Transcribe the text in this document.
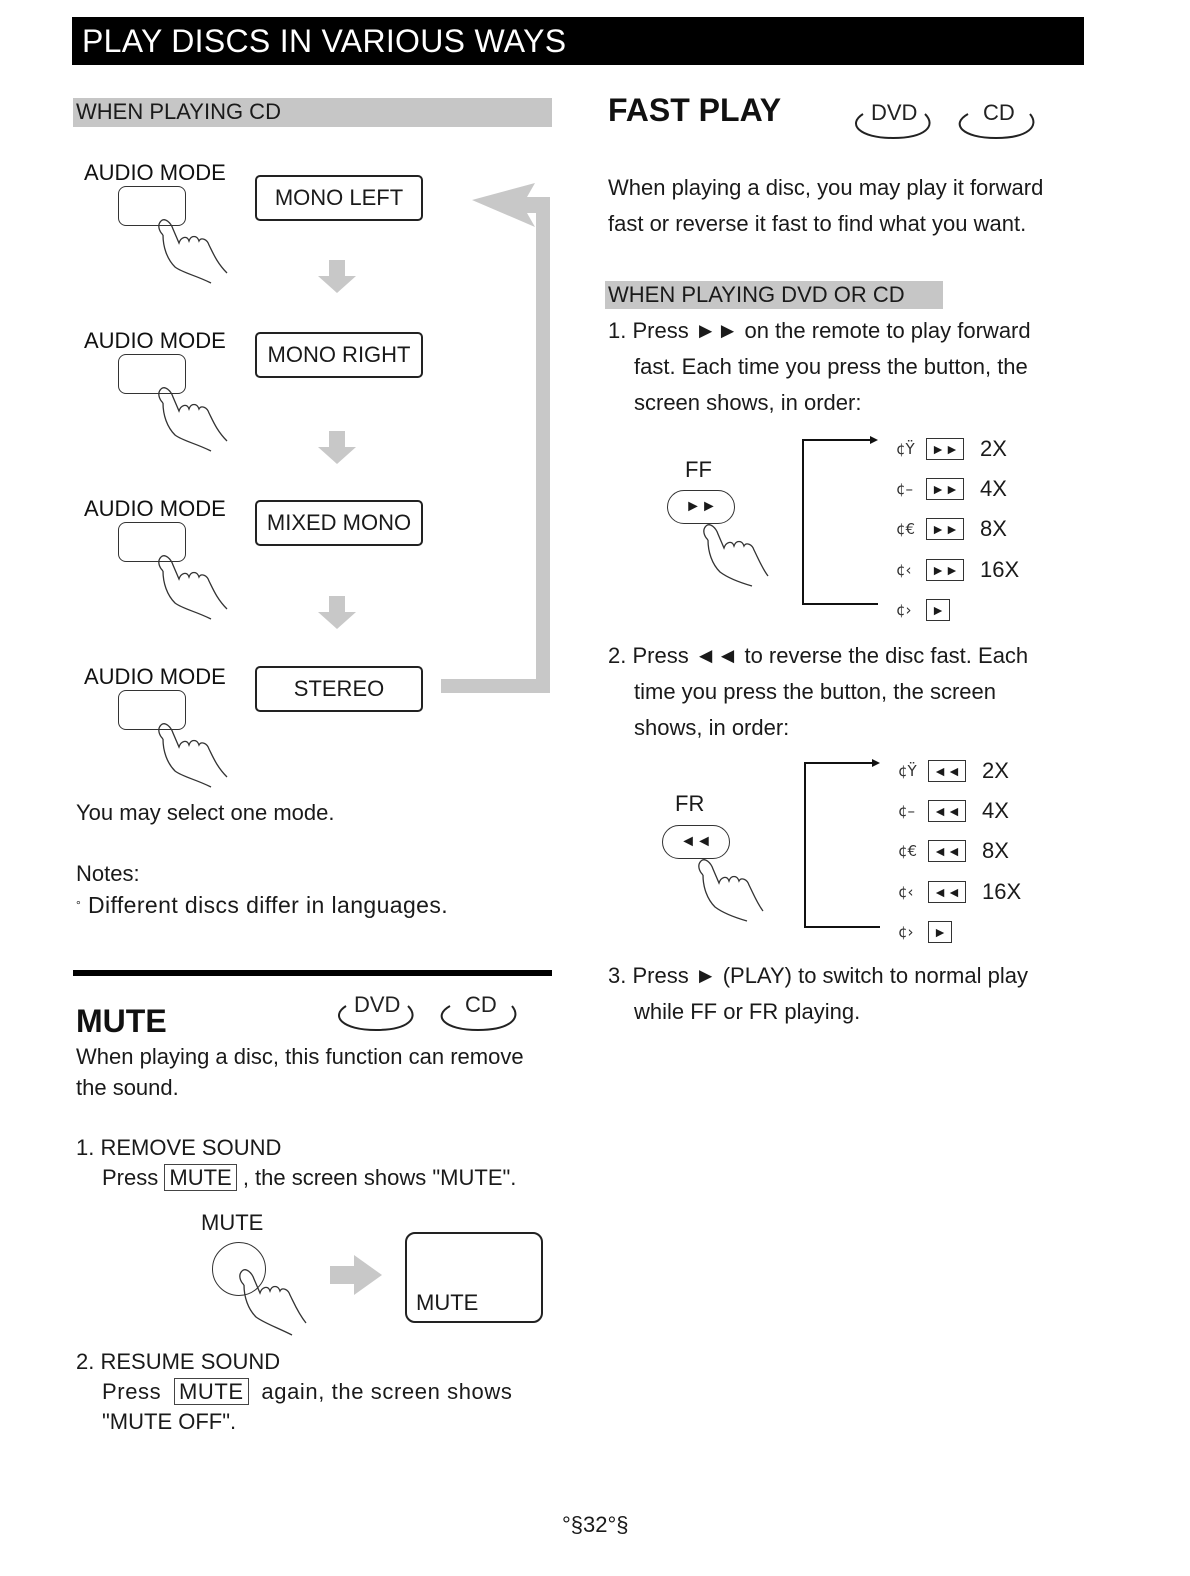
PLAY DISCS IN VARIOUS WAYS
WHEN PLAYING CD
AUDIO MODE
MONO LEFT
AUDIO MODE
MONO RIGHT
AUDIO MODE
MIXED MONO
AUDIO MODE	STEREO
You may select one mode.
Notes:
° Different discs differ in languages.
MUTE	DVD	CD
When playing a disc, this function can remove
the sound.
1. REMOVE SOUND
Press MUTE , the screen shows "MUTE".
MUTE
MUTE
2. RESUME SOUND
Press MUTE again, the screen shows
"MUTE OFF".
FAST PLAY	DVD	CD
When playing a disc, you may play it forward
fast or reverse it fast to find what you want.
WHEN PLAYING DVD OR CD
1. Press ►► on the remote to play forward
fast. Each time you press the button, the
screen shows, in order:
FF
►►
¢Ÿ	►► 2X
¢–	►► 4X
¢€	►► 8X
¢‹	►► 16X
¢›	►
2. Press ◄◄ to reverse the disc fast. Each
time you press the button, the screen
shows, in order:
FR
◄◄
¢Ÿ	◄◄ 2X
¢–	◄◄ 4X
¢€	◄◄ 8X
¢‹	◄◄ 16X
¢›	►
3. Press ► (PLAY) to switch to normal play
while FF or FR playing.
°§32°§
